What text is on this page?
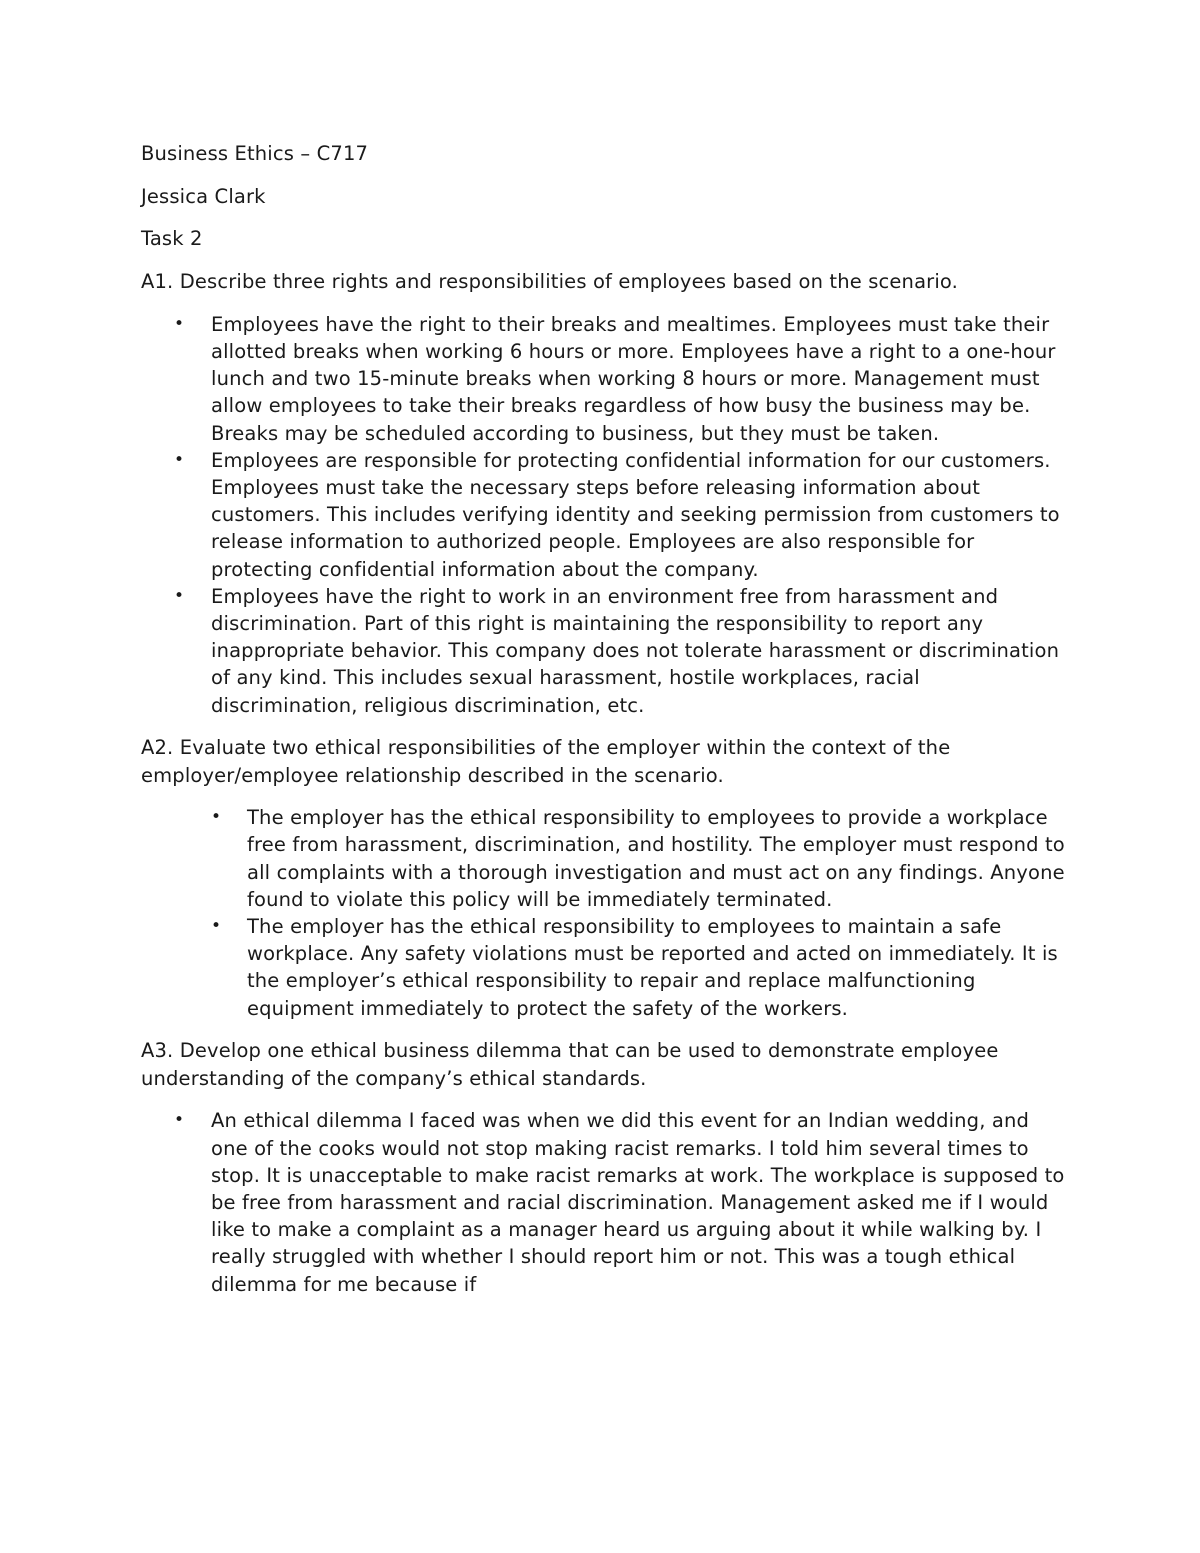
Business Ethics – C717

Jessica Clark

Task 2

A1. Describe three rights and responsibilities of employees based on the scenario.

• Employees have the right to their breaks and mealtimes. Employees must take their allotted breaks when working 6 hours or more. Employees have a right to a one-hour lunch and two 15-minute breaks when working 8 hours or more. Management must allow employees to take their breaks regardless of how busy the business may be. Breaks may be scheduled according to business, but they must be taken.
• Employees are responsible for protecting confidential information for our customers. Employees must take the necessary steps before releasing information about customers. This includes verifying identity and seeking permission from customers to release information to authorized people. Employees are also responsible for protecting confidential information about the company.
• Employees have the right to work in an environment free from harassment and discrimination. Part of this right is maintaining the responsibility to report any inappropriate behavior. This company does not tolerate harassment or discrimination of any kind. This includes sexual harassment, hostile workplaces, racial discrimination, religious discrimination, etc.

A2. Evaluate two ethical responsibilities of the employer within the context of the employer/employee relationship described in the scenario.

• The employer has the ethical responsibility to employees to provide a workplace free from harassment, discrimination, and hostility. The employer must respond to all complaints with a thorough investigation and must act on any findings. Anyone found to violate this policy will be immediately terminated.
• The employer has the ethical responsibility to employees to maintain a safe workplace. Any safety violations must be reported and acted on immediately. It is the employer’s ethical responsibility to repair and replace malfunctioning equipment immediately to protect the safety of the workers.

A3. Develop one ethical business dilemma that can be used to demonstrate employee understanding of the company’s ethical standards.

• An ethical dilemma I faced was when we did this event for an Indian wedding, and one of the cooks would not stop making racist remarks. I told him several times to stop. It is unacceptable to make racist remarks at work. The workplace is supposed to be free from harassment and racial discrimination. Management asked me if I would like to make a complaint as a manager heard us arguing about it while walking by. I really struggled with whether I should report him or not. This was a tough ethical dilemma for me because if
